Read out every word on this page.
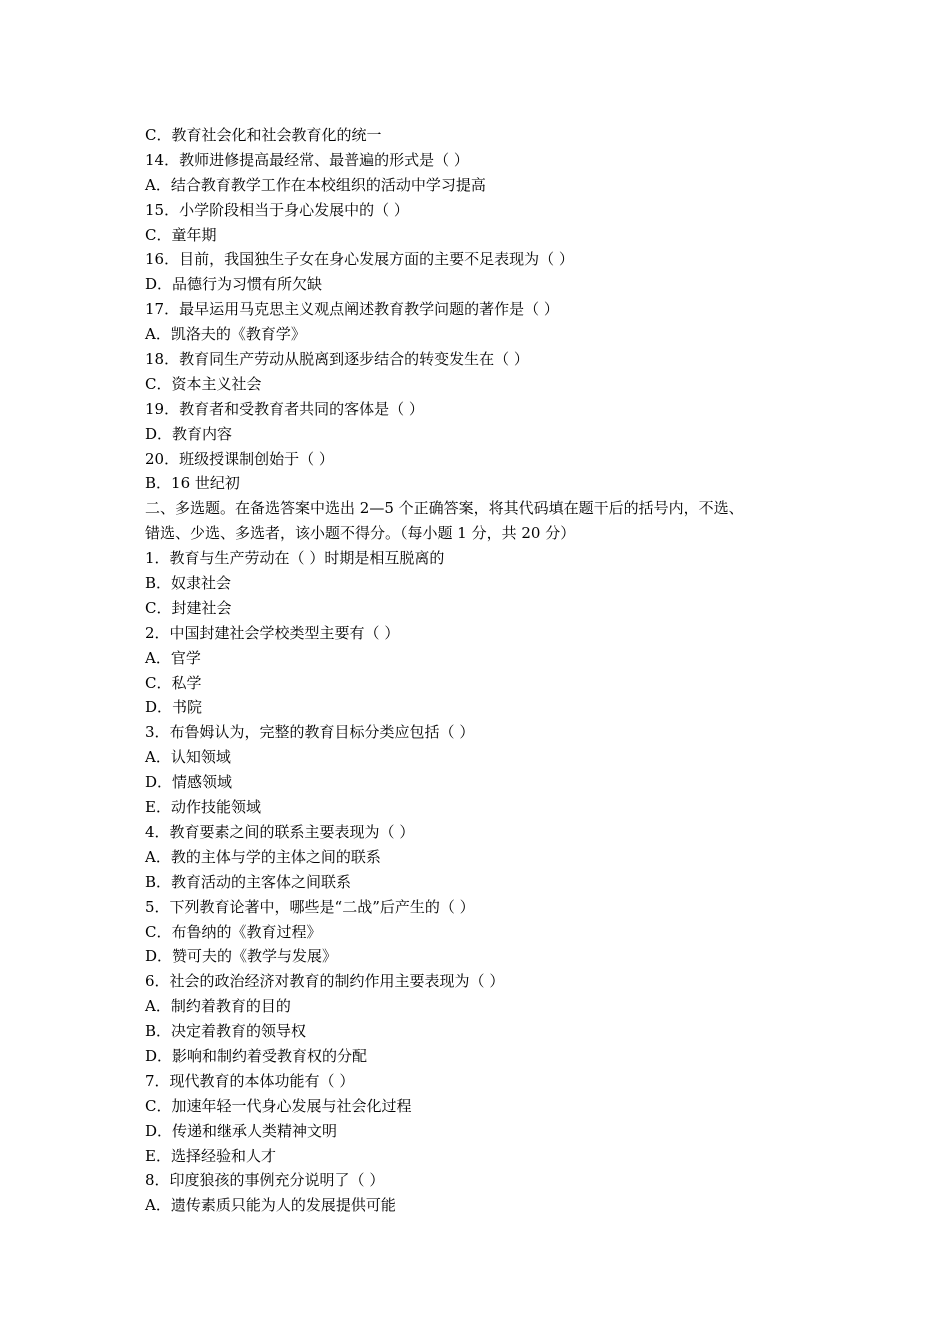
C．教育社会化和社会教育化的统一
14．教师进修提高最经常、最普遍的形式是（ ）
A．结合教育教学工作在本校组织的活动中学习提高
15．小学阶段相当于身心发展中的（ ）
C．童年期
16．目前，我国独生子女在身心发展方面的主要不足表现为（ ）
D．品德行为习惯有所欠缺
17．最早运用马克思主义观点阐述教育教学问题的著作是（ ）
A．凯洛夫的《教育学》
18．教育同生产劳动从脱离到逐步结合的转变发生在（ ）
C．资本主义社会
19．教育者和受教育者共同的客体是（ ）
D．教育内容
20．班级授课制创始于（ ）
B．16 世纪初
二、多选题。在备选答案中选出 2—5 个正确答案，将其代码填在题干后的括号内，不选、
错选、少选、多选者，该小题不得分。（每小题 1 分，共 20 分）
1．教育与生产劳动在（ ）时期是相互脱离的
B．奴隶社会
C．封建社会
2．中国封建社会学校类型主要有（ ）
A．官学
C．私学
D．书院
3．布鲁姆认为，完整的教育目标分类应包括（ ）
A．认知领域
D．情感领域
E．动作技能领域
4．教育要素之间的联系主要表现为（ ）
A．教的主体与学的主体之间的联系
B．教育活动的主客体之间联系
5．下列教育论著中，哪些是“二战”后产生的（ ）
C．布鲁纳的《教育过程》
D．赞可夫的《教学与发展》
6．社会的政治经济对教育的制约作用主要表现为（ ）
A．制约着教育的目的
B．决定着教育的领导权
D．影响和制约着受教育权的分配
7．现代教育的本体功能有（ ）
C．加速年轻一代身心发展与社会化过程
D．传递和继承人类精神文明
E．选择经验和人才
8．印度狼孩的事例充分说明了（ ）
A．遗传素质只能为人的发展提供可能
